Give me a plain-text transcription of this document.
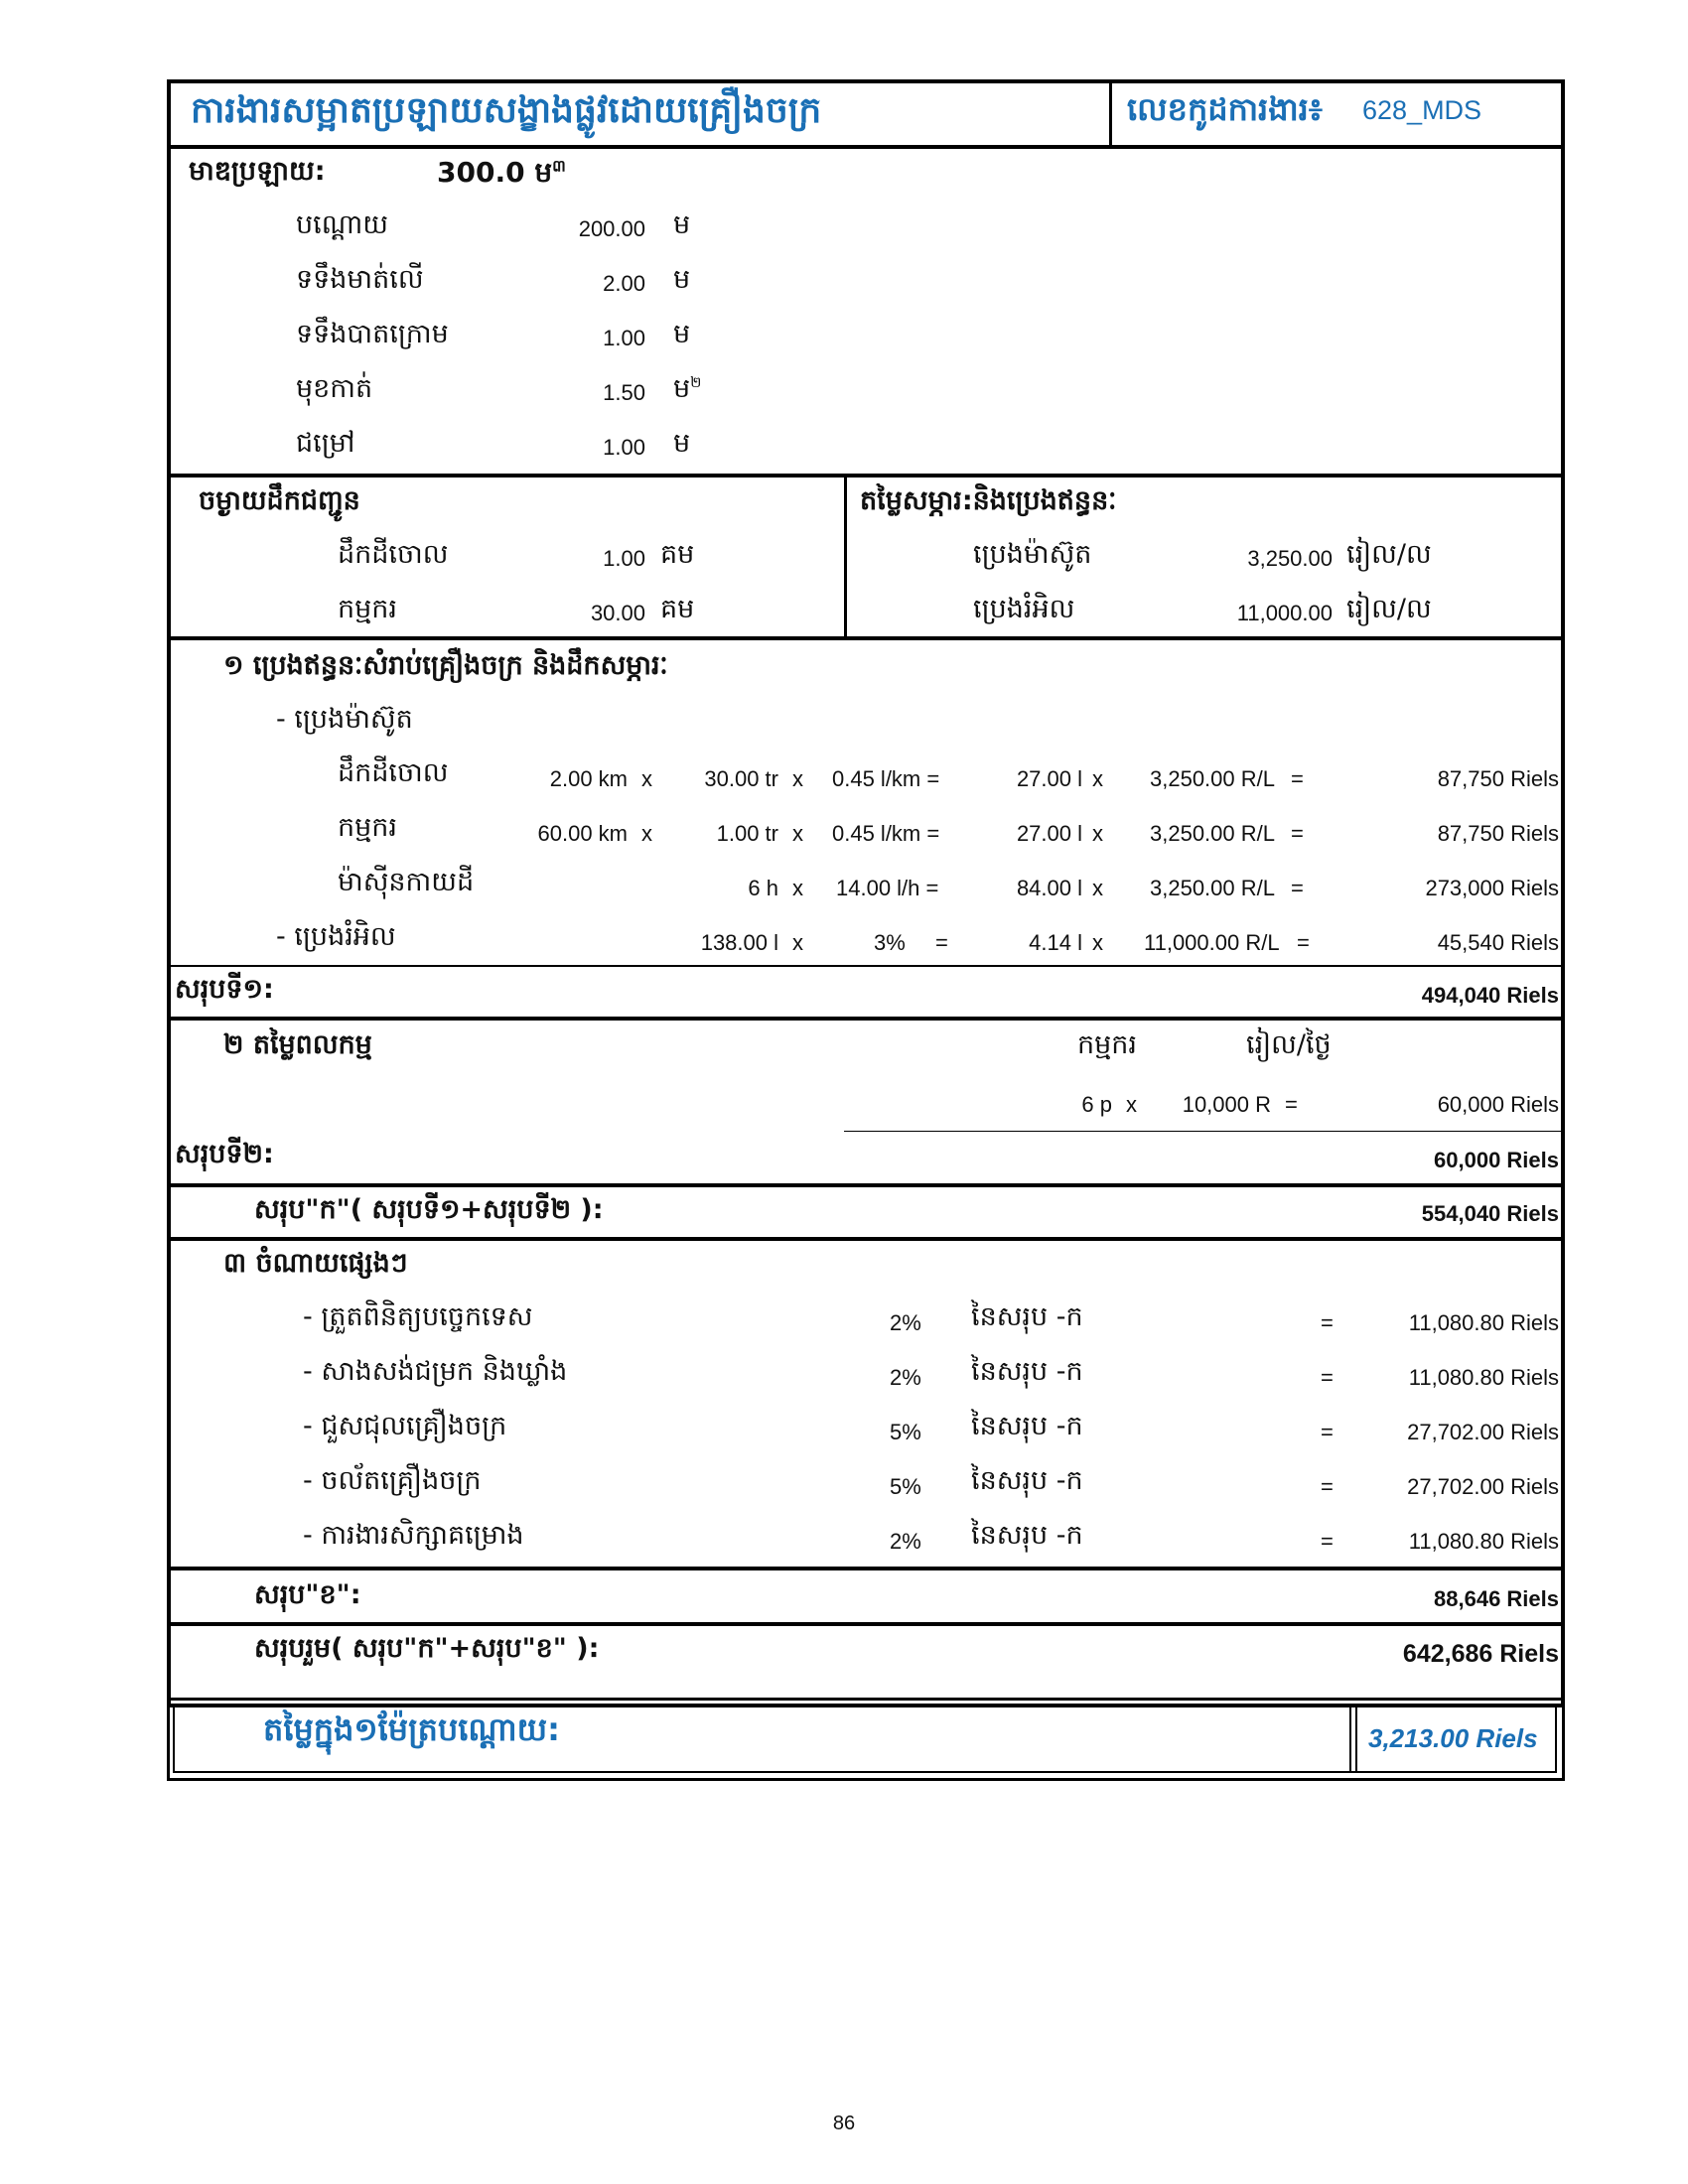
ការងារសម្អាតប្រឡាយសង្ខាងផ្លូវដោយគ្រឿងចក្រ	លេខកូដការងារ៖ 628_MDS
មាឌប្រឡាយ:	300.0 ម$^៣$
បណ្ដោយ	200.00 ម
ទទឹងមាត់លើ	2.00 ម
ទទឹងបាតក្រោម	1.00 ម
មុខកាត់	1.50 ម$^២$
ជម្រៅ	1.00 ម
ចម្ងាយដឹកជញ្ជូន
ដឹកដីចោល	1.00 គម
កម្មករ	30.00 គម
តម្លៃសម្ភារ:និងប្រេងឥន្ធនៈ
ប្រេងម៉ាស៊ូត	3,250.00 រៀល/ល
ប្រេងរំអិល	11,000.00 រៀល/ល
១ ប្រេងឥន្ធនៈសំរាប់គ្រឿងចក្រ និងដឹកសម្ភារៈ
- ប្រេងម៉ាស៊ូត
ដឹកដីចោល	2.00 km x	30.00 tr x 0.45 l/km =	27.00 l x 3,250.00 R/L =	87,750 Riels
កម្មករ	60.00 km x	1.00 tr x 0.45 l/km =	27.00 l x 3,250.00 R/L =	87,750 Riels
ម៉ាស៊ីនកាយដី	6 h x 14.00 l/h =	84.00 l x 3,250.00 R/L =	273,000 Riels
- ប្រេងរំអិល	138.00 l x	3% =	4.14 l x 11,000.00 R/L =	45,540 Riels
សរុបទី១:	494,040 Riels
២ តម្លៃពលកម្ម	កម្មករ	រៀល/ថ្ងៃ
6 p x	10,000 R =	60,000 Riels
សរុបទី២:	60,000 Riels
សរុប"ក"( សរុបទី១+សរុបទី២ ):	554,040 Riels
៣ ចំណាយផ្សេងៗ
- ត្រួតពិនិត្យបច្ចេកទេស	2% នៃសរុប -ក	=	11,080.80 Riels
- សាងសង់ជម្រក និងឃ្លាំង	2% នៃសរុប -ក	=	11,080.80 Riels
- ជួសជុលគ្រឿងចក្រ	5% នៃសរុប -ក	=	27,702.00 Riels
- ចល័តគ្រឿងចក្រ	5% នៃសរុប -ក	=	27,702.00 Riels
- ការងារសិក្សាគម្រោង	2% នៃសរុប -ក	=	11,080.80 Riels
សរុប"ខ":	88,646 Riels
សរុបរួម( សរុប"ក"+សរុប"ខ" ):	642,686 Riels
តម្លៃក្នុង១ម៉ែត្របណ្ដោយ:	3,213.00 Riels
86
